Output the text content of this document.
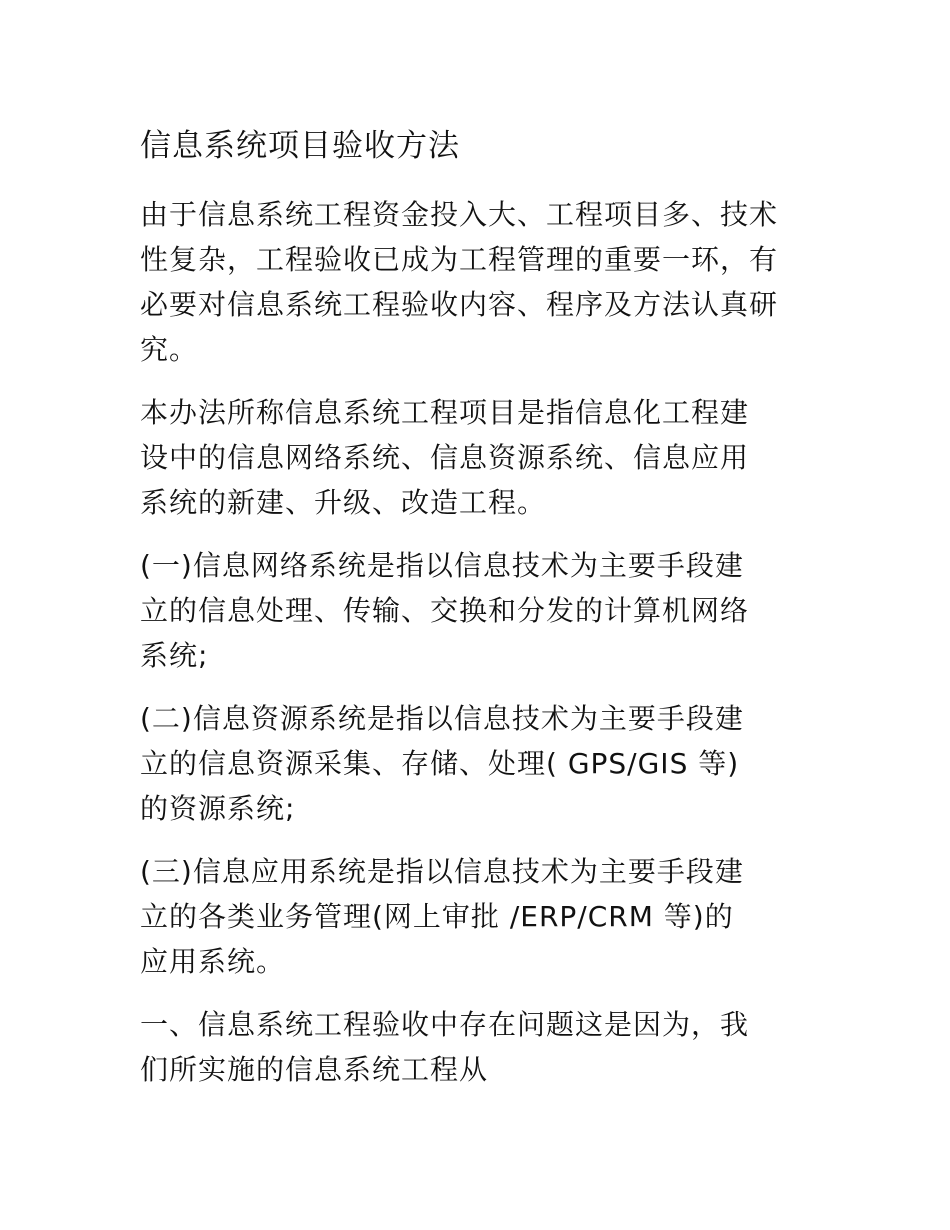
信息系统项目验收方法

由于信息系统工程资金投入大、工程项目多、技术
性复杂，工程验收已成为工程管理的重要一环，有
必要对信息系统工程验收内容、程序及方法认真研
究。

本办法所称信息系统工程项目是指信息化工程建
设中的信息网络系统、信息资源系统、信息应用
系统的新建、升级、改造工程。

(一)信息网络系统是指以信息技术为主要手段建
立的信息处理、传输、交换和分发的计算机网络
系统;

(二)信息资源系统是指以信息技术为主要手段建
立的信息资源采集、存储、处理( GPS/GIS 等)
的资源系统;

(三)信息应用系统是指以信息技术为主要手段建
立的各类业务管理(网上审批 /ERP/CRM 等)的
应用系统。

一、信息系统工程验收中存在问题这是因为，我
们所实施的信息系统工程从
